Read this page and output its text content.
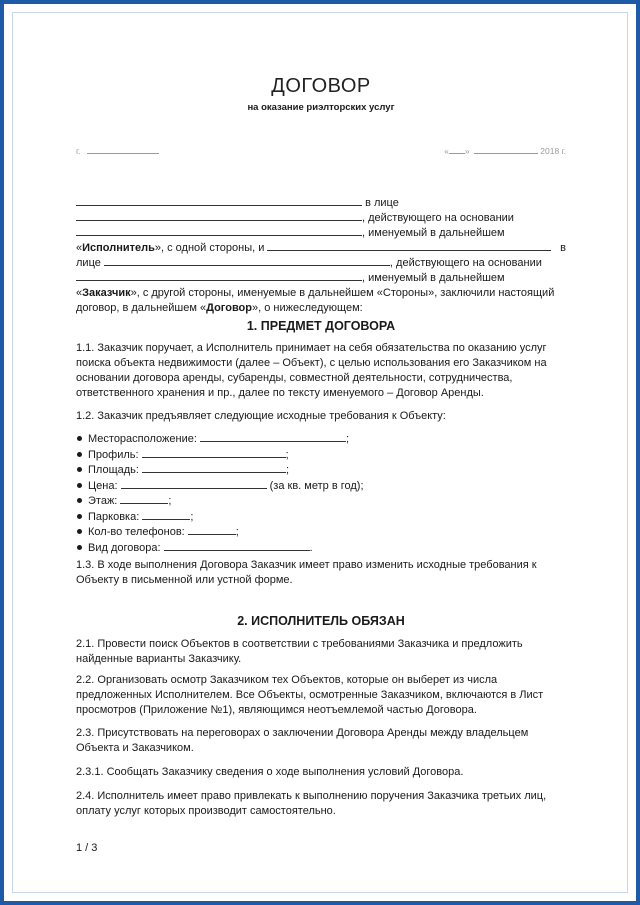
ДОГОВОР
на оказание риэлторских услуг
г.	« »	2018 г.
в лице
, действующего на основании
, именуемый в дальнейшем
«Исполнитель», с одной стороны, и	в
лице	, действующего на основании
, именуемый в дальнейшем
«Заказчик», с другой стороны, именуемые в дальнейшем «Стороны», заключили настоящий
договор, в дальнейшем «Договор», о нижеследующем:
1. ПРЕДМЕТ ДОГОВОРА
1.1. Заказчик поручает, а Исполнитель принимает на себя обязательства по оказанию услуг
поиска объекта недвижимости (далее – Объект), с целью использования его Заказчиком на
основании договора аренды, субаренды, совместной деятельности, сотрудничества,
ответственного хранения и пр., далее по тексту именуемого – Договор Аренды.
1.2. Заказчик предъявляет следующие исходные требования к Объекту:
Месторасположение:	;
Профиль:	;
Площадь:	;
Цена:	(за кв. метр в год);
Этаж:	;
Парковка:	;
Кол-во телефонов:	;
Вид договора:	.
1.3. В ходе выполнения Договора Заказчик имеет право изменить исходные требования к
Объекту в письменной или устной форме.
2. ИСПОЛНИТЕЛЬ ОБЯЗАН
2.1. Провести поиск Объектов в соответствии с требованиями Заказчика и предложить
найденные варианты Заказчику.
2.2. Организовать осмотр Заказчиком тех Объектов, которые он выберет из числа
предложенных Исполнителем. Все Объекты, осмотренные Заказчиком, включаются в Лист
просмотров (Приложение №1), являющимся неотъемлемой частью Договора.
2.3. Присутствовать на переговорах о заключении Договора Аренды между владельцем
Объекта и Заказчиком.
2.3.1. Сообщать Заказчику сведения о ходе выполнения условий Договора.
2.4. Исполнитель имеет право привлекать к выполнению поручения Заказчика третьих лиц,
оплату услуг которых производит самостоятельно.
1 / 3
